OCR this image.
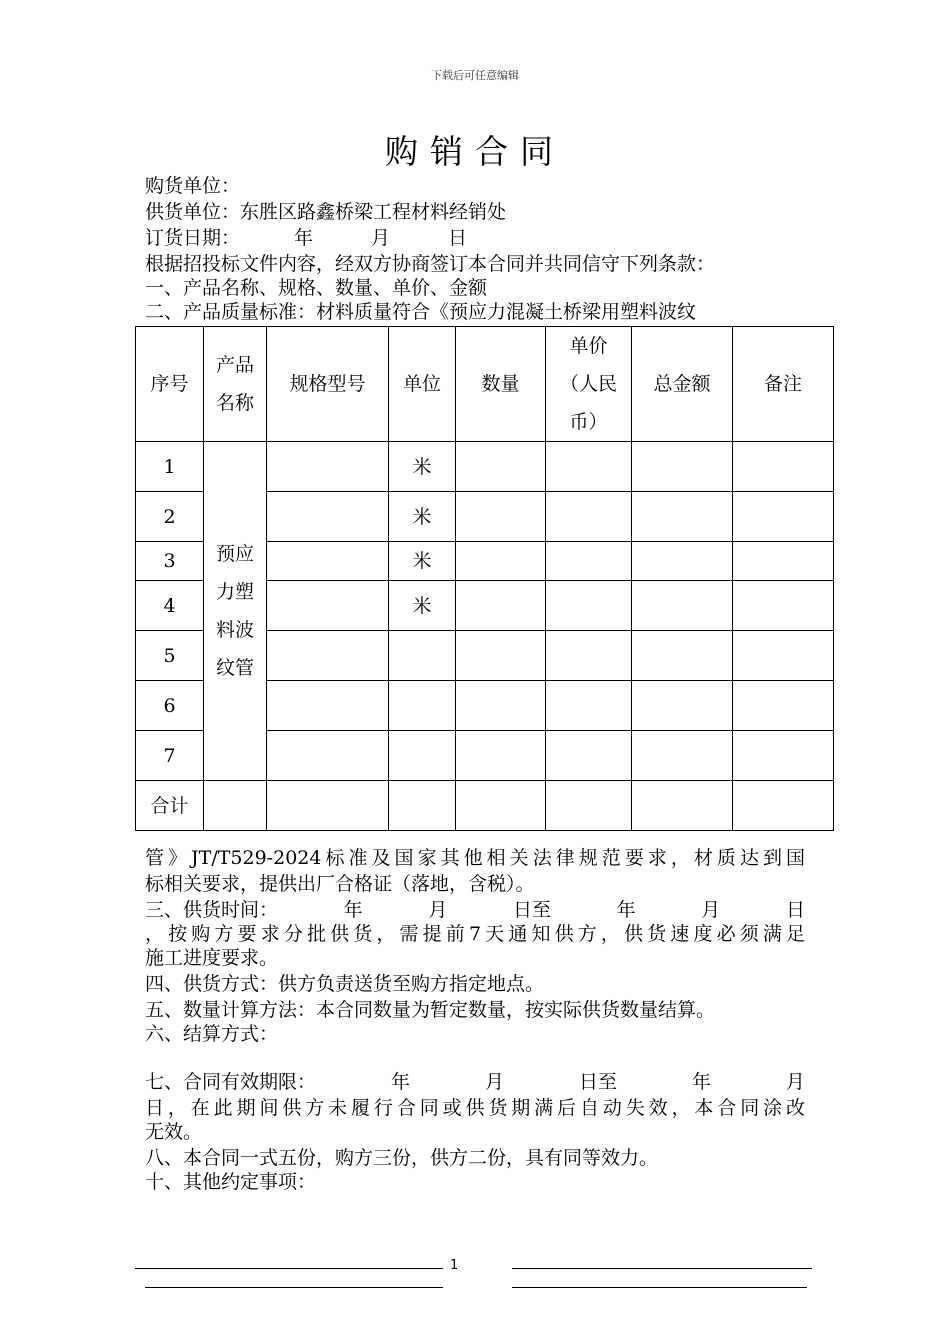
下载后可任意编辑
购销合同
购货单位：
供货单位：东胜区路鑫桥梁工程材料经销处
订货日期：	年	月	日
根据招投标文件内容，经双方协商签订本合同并共同信守下列条款：
一、产品名称、规格、数量、单价、金额
二、产品质量标准：材料质量符合《预应力混凝土桥梁用塑料波纹
序号	产品名称	规格型号	单位	数量	单价（人民币）	总金额	备注
1	预应力塑料波纹管		米				
2			米				
3			米				
4			米				
5							
6							
7							
合计							
管》JT/T529-2024标准及国家其他相关法律规范要求，材质达到国
标相关要求，提供出厂合格证（落地，含税）。
三、供货时间：	年	月	日至	年	月	日
，按购方要求分批供货，需提前7天通知供方，供货速度必须满足
施工进度要求。
四、供货方式：供方负责送货至购方指定地点。
五、数量计算方法：本合同数量为暂定数量，按实际供货数量结算。
六、结算方式：
七、合同有效期限：	年	月	日至	年	月
日，在此期间供方未履行合同或供货期满后自动失效，本合同涂改
无效。
八、本合同一式五份，购方三份，供方二份，具有同等效力。
十、其他约定事项：
1
